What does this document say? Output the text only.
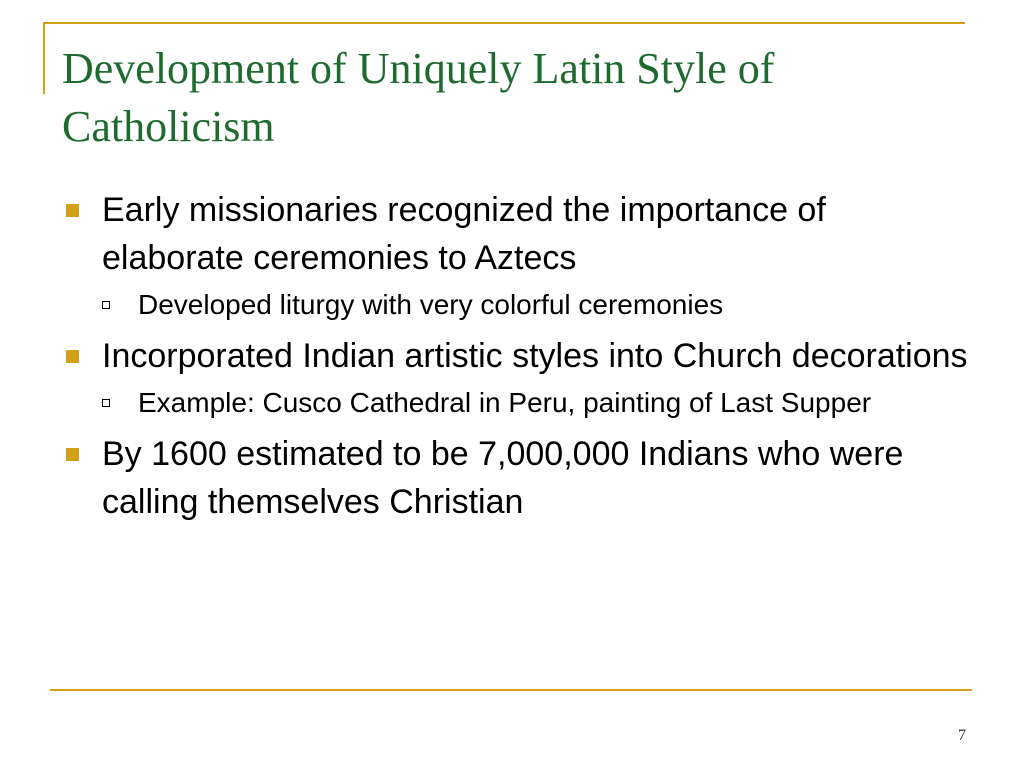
Development of Uniquely Latin Style of Catholicism
Early missionaries recognized the importance of elaborate ceremonies to Aztecs
Developed liturgy with very colorful ceremonies
Incorporated Indian artistic styles into Church decorations
Example: Cusco Cathedral in Peru, painting of Last Supper
By 1600 estimated to be 7,000,000 Indians who were calling themselves Christian
7
